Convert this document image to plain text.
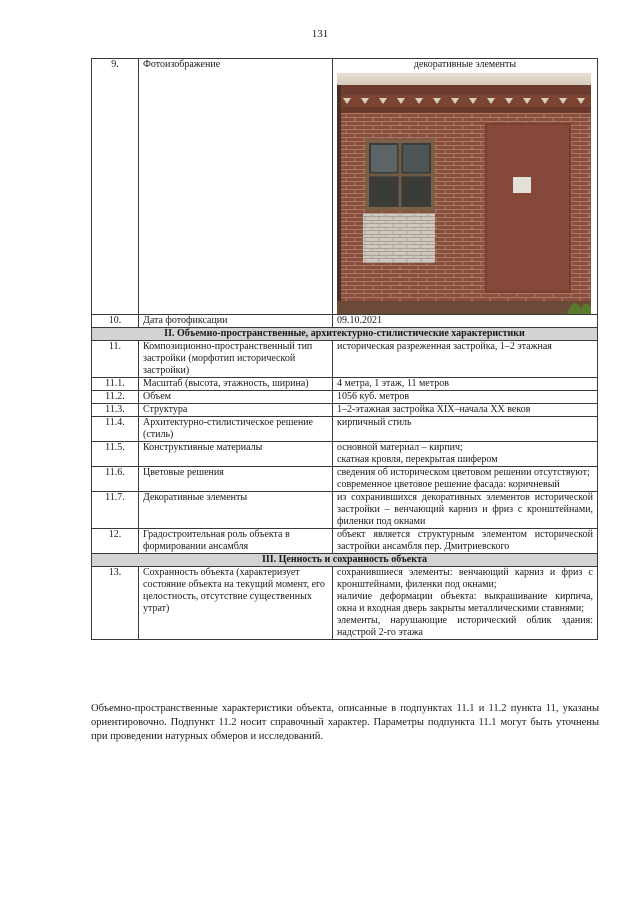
131
9.	Фотоизображение	декоративные элементы

10.	Дата фотофиксации	09.10.2021
II. Объемно-пространственные, архитектурно-стилистические характеристики		
11.	Композиционно-пространственный тип застройки (морфотип исторической застройки)	историческая разреженная застройка, 1–2 этажная
11.1.	Масштаб (высота, этажность, ширина)	4 метра, 1 этаж, 11 метров
11.2.	Объем	1056 куб. метров
11.3.	Структура	1–2-этажная застройка XIX–начала XX веков
11.4.	Архитектурно-стилистическое решение (стиль)	кирпичный стиль
11.5.	Конструктивные материалы	основной материал – кирпич;

скатная кровля, перекрытая шифером

11.6.	Цветовые решения	сведения об историческом цветовом решении отсутствуют;

современное цветовое решение фасада: коричневый

11.7.	Декоративные элементы	из сохранившихся декоративных элементов исторической застройки – венчающий карниз и фриз с кронштейнами, филенки под окнами
12.	Градостроительная роль объекта в формировании ансамбля	объект является структурным элементом исторической застройки ансамбля пер. Дмитриевского
III. Ценность и сохранность объекта		
13.	Сохранность объекта (характеризует состояние объекта на текущий момент, его целостность, отсутствие существенных утрат)	сохранившиеся элементы: венчающий карниз и фриз с кронштейнами, филенки под окнами;

наличие деформации объекта: выкрашивание кирпича, окна и входная дверь закрыты металлическими ставнями;

элементы, нарушающие исторический облик здания: надстрой 2-го этажа

Объемно-пространственные характеристики объекта, описанные в подпунктах 11.1 и 11.2 пункта 11, указаны ориентировочно. Подпункт 11.2 носит справочный характер. Параметры подпункта 11.1 могут быть уточнены при проведении натурных обмеров и исследований.
